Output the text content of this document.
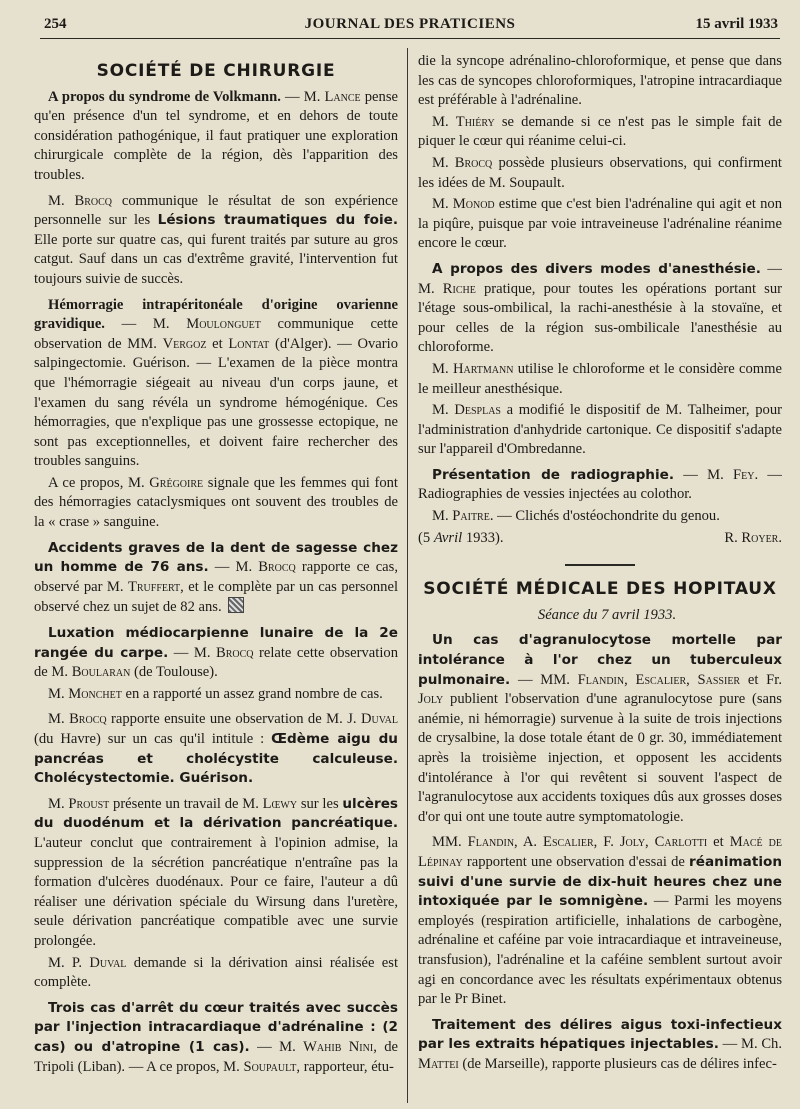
254	JOURNAL DES PRATICIENS	15 avril 1933
SOCIÉTÉ DE CHIRURGIE

A propos du syndrome de Volkmann. — M. Lance pense qu'en présence d'un tel syndrome, et en dehors de toute considération pathogénique, il faut pratiquer une exploration chirurgicale complète de la région, dès l'apparition des troubles.

M. Brocq communique le résultat de son expérience personnelle sur les Lésions traumatiques du foie. Elle porte sur quatre cas, qui furent traités par suture au gros catgut. Sauf dans un cas d'extrême gravité, l'intervention fut toujours suivie de succès.

Hémorragie intrapéritonéale d'origine ovarienne gravidique. — M. Moulonguet communique cette observation de MM. Vergoz et Lontat (d'Alger). — Ovario salpingectomie. Guérison. — L'examen de la pièce montra que l'hémorragie siégeait au niveau d'un corps jaune, et l'examen du sang révéla un syndrome hémogénique. Ces hémorragies, que n'explique pas une grossesse ectopique, ne sont pas exceptionnelles, et doivent faire rechercher des troubles sanguins.

A ce propos, M. Grégoire signale que les femmes qui font des hémorragies cataclysmiques ont souvent des troubles de la « crase » sanguine.

Accidents graves de la dent de sagesse chez un homme de 76 ans. — M. Brocq rapporte ce cas, observé par M. Truffert, et le complète par un cas personnel observé chez un sujet de 82 ans.

Luxation médiocarpienne lunaire de la 2e rangée du carpe. — M. Brocq relate cette observation de M. Boularan (de Toulouse).

M. Monchet en a rapporté un assez grand nombre de cas.

M. Brocq rapporte ensuite une observation de M. J. Duval (du Havre) sur un cas qu'il intitule : Œdème aigu du pancréas et cholécystite calculeuse. Cholécystectomie. Guérison.

M. Proust présente un travail de M. Lœwy sur les ulcères du duodénum et la dérivation pancréatique. L'auteur conclut que contrairement à l'opinion admise, la suppression de la sécrétion pancréatique n'entraîne pas la formation d'ulcères duodénaux. Pour ce faire, l'auteur a dû réaliser une dérivation spéciale du Wirsung dans l'uretère, seule dérivation pancréatique compatible avec une survie prolongée.

M. P. Duval demande si la dérivation ainsi réalisée est complète.

Trois cas d'arrêt du cœur traités avec succès par l'injection intracardiaque d'adrénaline : (2 cas) ou d'atropine (1 cas). — M. Wahib Nini, de Tripoli (Liban). — A ce propos, M. Soupault, rapporteur, étu-

die la syncope adrénalino-chloroformique, et pense que dans les cas de syncopes chloroformiques, l'atropine intracardiaque est préférable à l'adrénaline.

M. Thiéry se demande si ce n'est pas le simple fait de piquer le cœur qui réanime celui-ci.

M. Brocq possède plusieurs observations, qui confirment les idées de M. Soupault.

M. Monod estime que c'est bien l'adrénaline qui agit et non la piqûre, puisque par voie intraveineuse l'adrénaline réanime encore le cœur.

A propos des divers modes d'anesthésie. — M. Riche pratique, pour toutes les opérations portant sur l'étage sous-ombilical, la rachi-anesthésie à la stovaïne, et pour celles de la région sus-ombilicale l'anesthésie au chloroforme.

M. Hartmann utilise le chloroforme et le considère comme le meilleur anesthésique.

M. Desplas a modifié le dispositif de M. Talheimer, pour l'administration d'anhydride cartonique. Ce dispositif s'adapte sur l'appareil d'Ombredanne.

Présentation de radiographie. — M. Fey. — Radiographies de vessies injectées au colothor.

M. Paitre. — Clichés d'ostéochondrite du genou.

(5 Avril 1933).	R. Royer.

SOCIÉTÉ MÉDICALE DES HOPITAUX

Séance du 7 avril 1933.

Un cas d'agranulocytose mortelle par intolérance à l'or chez un tuberculeux pulmonaire. — MM. Flandin, Escalier, Sassier et Fr. Joly publient l'observation d'une agranulocytose pure (sans anémie, ni hémorragie) survenue à la suite de trois injections de crysalbine, la dose totale étant de 0 gr. 30, immédiatement après la troisième injection, et opposent les accidents d'intolérance à l'or qui revêtent si souvent l'aspect de l'agranulocytose aux accidents toxiques dûs aux grosses doses d'or qui ont une toute autre symptomatologie.

MM. Flandin, A. Escalier, F. Joly, Carlotti et Macé de Lépinay rapportent une observation d'essai de réanimation suivi d'une survie de dix-huit heures chez une intoxiquée par le somnigène. — Parmi les moyens employés (respiration artificielle, inhalations de carbogène, adrénaline et caféine par voie intracardiaque et intraveineuse, transfusion), l'adrénaline et la caféine semblent surtout avoir agi en concordance avec les résultats expérimentaux obtenus par le Pr Binet.

Traitement des délires aigus toxi-infectieux par les extraits hépatiques injectables. — M. Ch. Mattei (de Marseille), rapporte plusieurs cas de délires infec-
